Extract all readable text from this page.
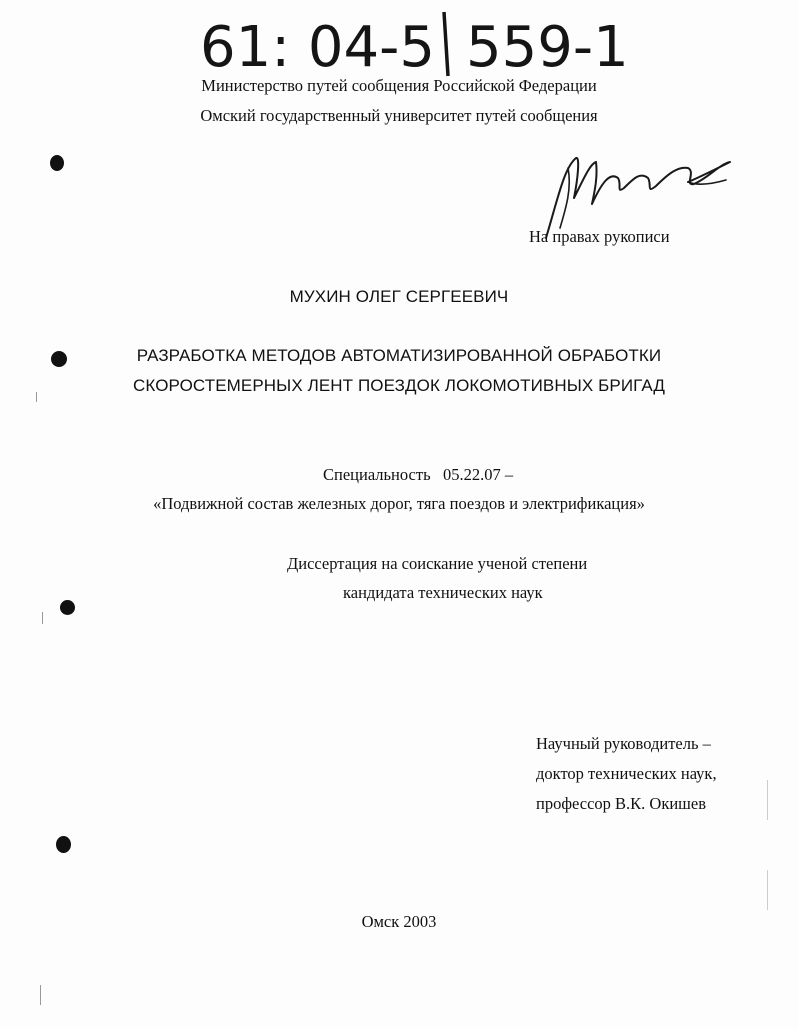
61: 04-5 559-1
Министерство путей сообщения Российской Федерации
Омский государственный университет путей сообщения
На правах рукописи
МУХИН ОЛЕГ СЕРГЕЕВИЧ
РАЗРАБОТКА МЕТОДОВ АВТОМАТИЗИРОВАННОЙ ОБРАБОТКИ
СКОРОСТЕМЕРНЫХ ЛЕНТ ПОЕЗДОК ЛОКОМОТИВНЫХ БРИГАД
Специальность 05.22.07 –
«Подвижной состав железных дорог, тяга поездов и электрификация»
Диссертация на соискание ученой степени
кандидата технических наук
Научный руководитель –
доктор технических наук,
профессор В.К. Окишев
Омск 2003
